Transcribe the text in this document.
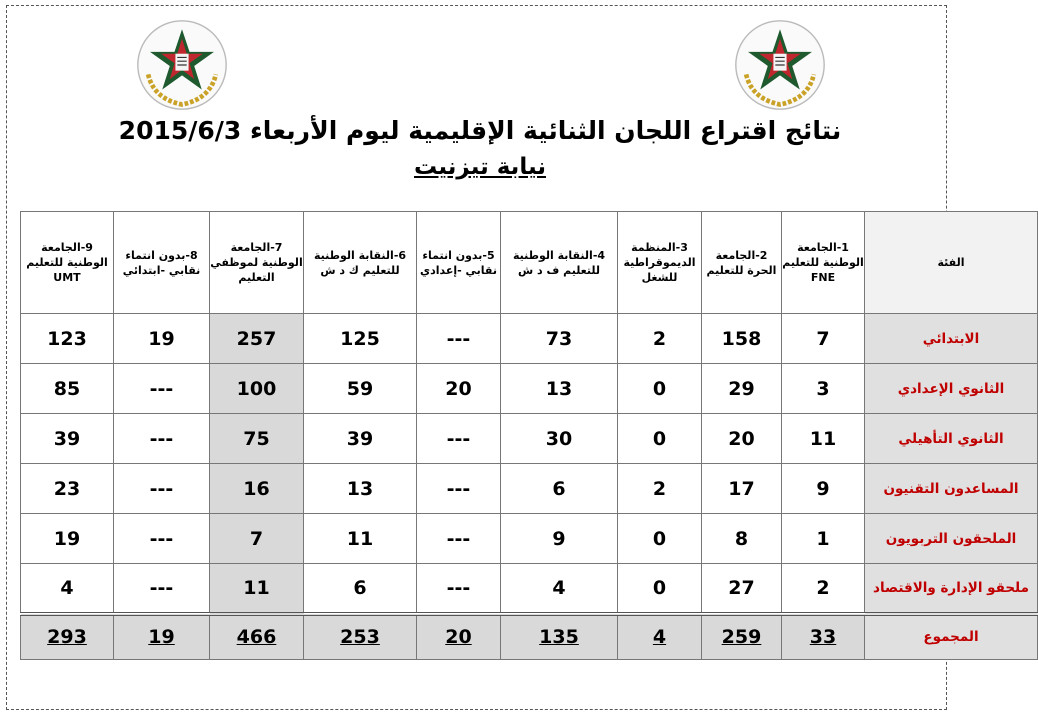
نتائج اقتراع اللجان الثنائية الإقليمية ليوم الأربعاء 2015/6/3
نيابة تيزنيت
الفئة	1-الجامعة الوطنية للتعليم FNE	2-الجامعة الحرة للتعليم	3-المنظمة الديموقراطية للشغل	4-النقابة الوطنية للتعليم ف د ش	5-بدون انتماء نقابي -إعدادي	6-النقابة الوطنية للتعليم ك د ش	7-الجامعة الوطنية لموظفي التعليم	8-بدون انتماء نقابي -ابتدائي	9-الجامعة الوطنية للتعليم UMT
الابتدائي	7	158	2	73	---	125	257	19	123
الثانوي الإعدادي	3	29	0	13	20	59	100	---	85
الثانوي التأهيلي	11	20	0	30	---	39	75	---	39
المساعدون التقنيون	9	17	2	6	---	13	16	---	23
الملحقون التربويون	1	8	0	9	---	11	7	---	19
ملحقو الإدارة والاقتصاد	2	27	0	4	---	6	11	---	4
المجموع	33	259	4	135	20	253	466	19	293
